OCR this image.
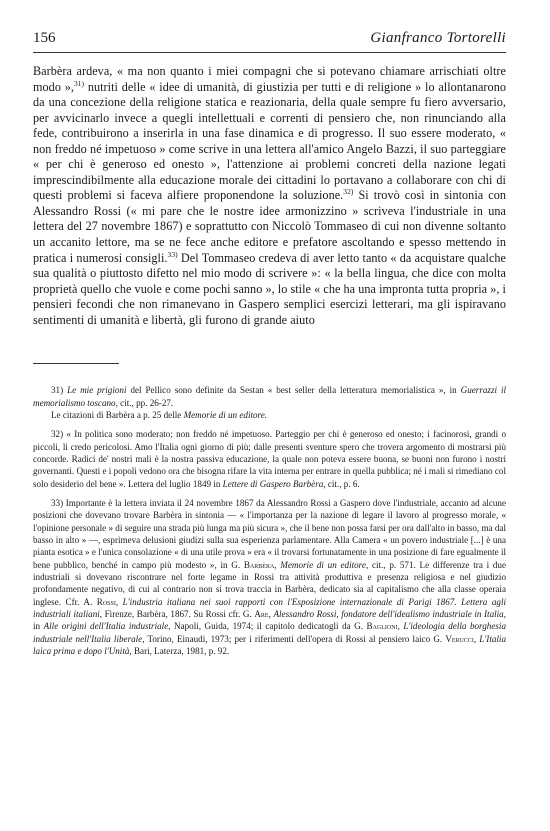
156	Gianfranco Tortorelli

Barbèra ardeva, « ma non quanto i miei compagni che si potevano chiamare arrischiati oltre modo »,$^{31)}$ nutriti delle « idee di umanità, di giustizia per tutti e di religione » lo allontanarono da una concezione della religione statica e reazionaria, della quale sempre fu fiero avversario, per avvicinarlo invece a quegli intellettuali e correnti di pensiero che, non rinunciando alla fede, contribuirono a inserirla in una fase dinamica e di progresso. Il suo essere moderato, « non freddo né impetuoso » come scrive in una lettera all'amico Angelo Bazzi, il suo parteggiare « per chi è generoso ed onesto », l'attenzione ai problemi concreti della nazione legati imprescindibilmente alla educazione morale dei cittadini lo portavano a collaborare con chi di questi problemi si faceva alfiere proponendone la soluzione.$^{32)}$ Si trovò così in sintonia con Alessandro Rossi (« mi pare che le nostre idee armonizzino » scriveva l'industriale in una lettera del 27 novembre 1867) e soprattutto con Niccolò Tommaseo di cui non divenne soltanto un accanito lettore, ma se ne fece anche editore e prefatore ascoltando e spesso mettendo in pratica i numerosi consigli.$^{33)}$ Del Tommaseo credeva di aver letto tanto « da acquistare qualche sua qualità o piuttosto difetto nel mio modo di scrivere »: « la bella lingua, che dice con molta proprietà quello che vuole e come pochi sanno », lo stile « che ha una impronta tutta propria », i pensieri fecondi che non rimanevano in Gaspero semplici esercizi letterari, ma gli ispiravano sentimenti di umanità e libertà, gli furono di grande aiuto

31) Le mie prigioni del Pellico sono definite da Sestan « best seller della letteratura memorialistica », in Guerrazzi il memorialismo toscano, cit., pp. 26-27.

Le citazioni di Barbèra a p. 25 delle Memorie di un editore.

32) « In politica sono moderato; non freddo né impetuoso. Parteggio per chi è generoso ed onesto; i facinorosi, grandi o piccoli, li credo pericolosi. Amo l'Italia ogni giorno di più; dalle presenti sventure spero che trovera argomento di mostrarsi più concorde. Radici de' nostri mali è la nostra passiva educazione, la quale non poteva essere buona, se buoni non furono i nostri governanti. Questi e i popoli vedono ora che bisogna rifare la vita interna per entrare in quella pubblica; né i mali si rimediano col solo desiderio del bene ». Lettera del luglio 1849 in Lettere di Gaspero Barbèra, cit., p. 6.
33) Importante è la lettera inviata il 24 novembre 1867 da Alessandro Rossi a Gaspero dove l'industriale, accanto ad alcune posizioni che dovevano trovare Barbèra in sintonia — « l'importanza per la nazione di legare il lavoro al progresso morale, « l'opinione personale » di seguire una strada più lunga ma più sicura », che il bene non possa farsi per ora dall'alto in basso, ma dal basso in alto » —, esprimeva delusioni giudizi sulla sua esperienza parlamentare. Alla Camera « un povero industriale [...] è una pianta esotica » e l'unica consolazione « di una utile prova » era « il trovarsi fortunatamente in una posizione di fare egualmente il bene pubblico, benché in campo più modesto », in G. Barbèra, Memorie di un editore, cit., p. 571. Le differenze tra i due industriali si dovevano riscontrare nel forte legame in Rossi tra attività produttiva e presenza religiosa e nel giudizio profondamente negativo, di cui al contrario non si trova traccia in Barbèra, dedicato sia al capitalismo che alla classe operaia inglese. Cfr. A. Rossi, L'industria italiana nei suoi rapporti con l'Esposizione internazionale di Parigi 1867. Lettera agli industriali italiani, Firenze, Barbèra, 1867. Su Rossi cfr. G. Are, Alessandro Rossi, fondatore dell'idealismo industriale in Italia, in Alle origini dell'Italia industriale, Napoli, Guida, 1974; il capitolo dedicatogli da G. Baglioni, L'ideologia della borghesia industriale nell'Italia liberale, Torino, Einaudi, 1973; per i riferimenti dell'opera di Rossi al pensiero laico G. Verucci, L'Italia laica prima e dopo l'Unità, Bari, Laterza, 1981, p. 92.
